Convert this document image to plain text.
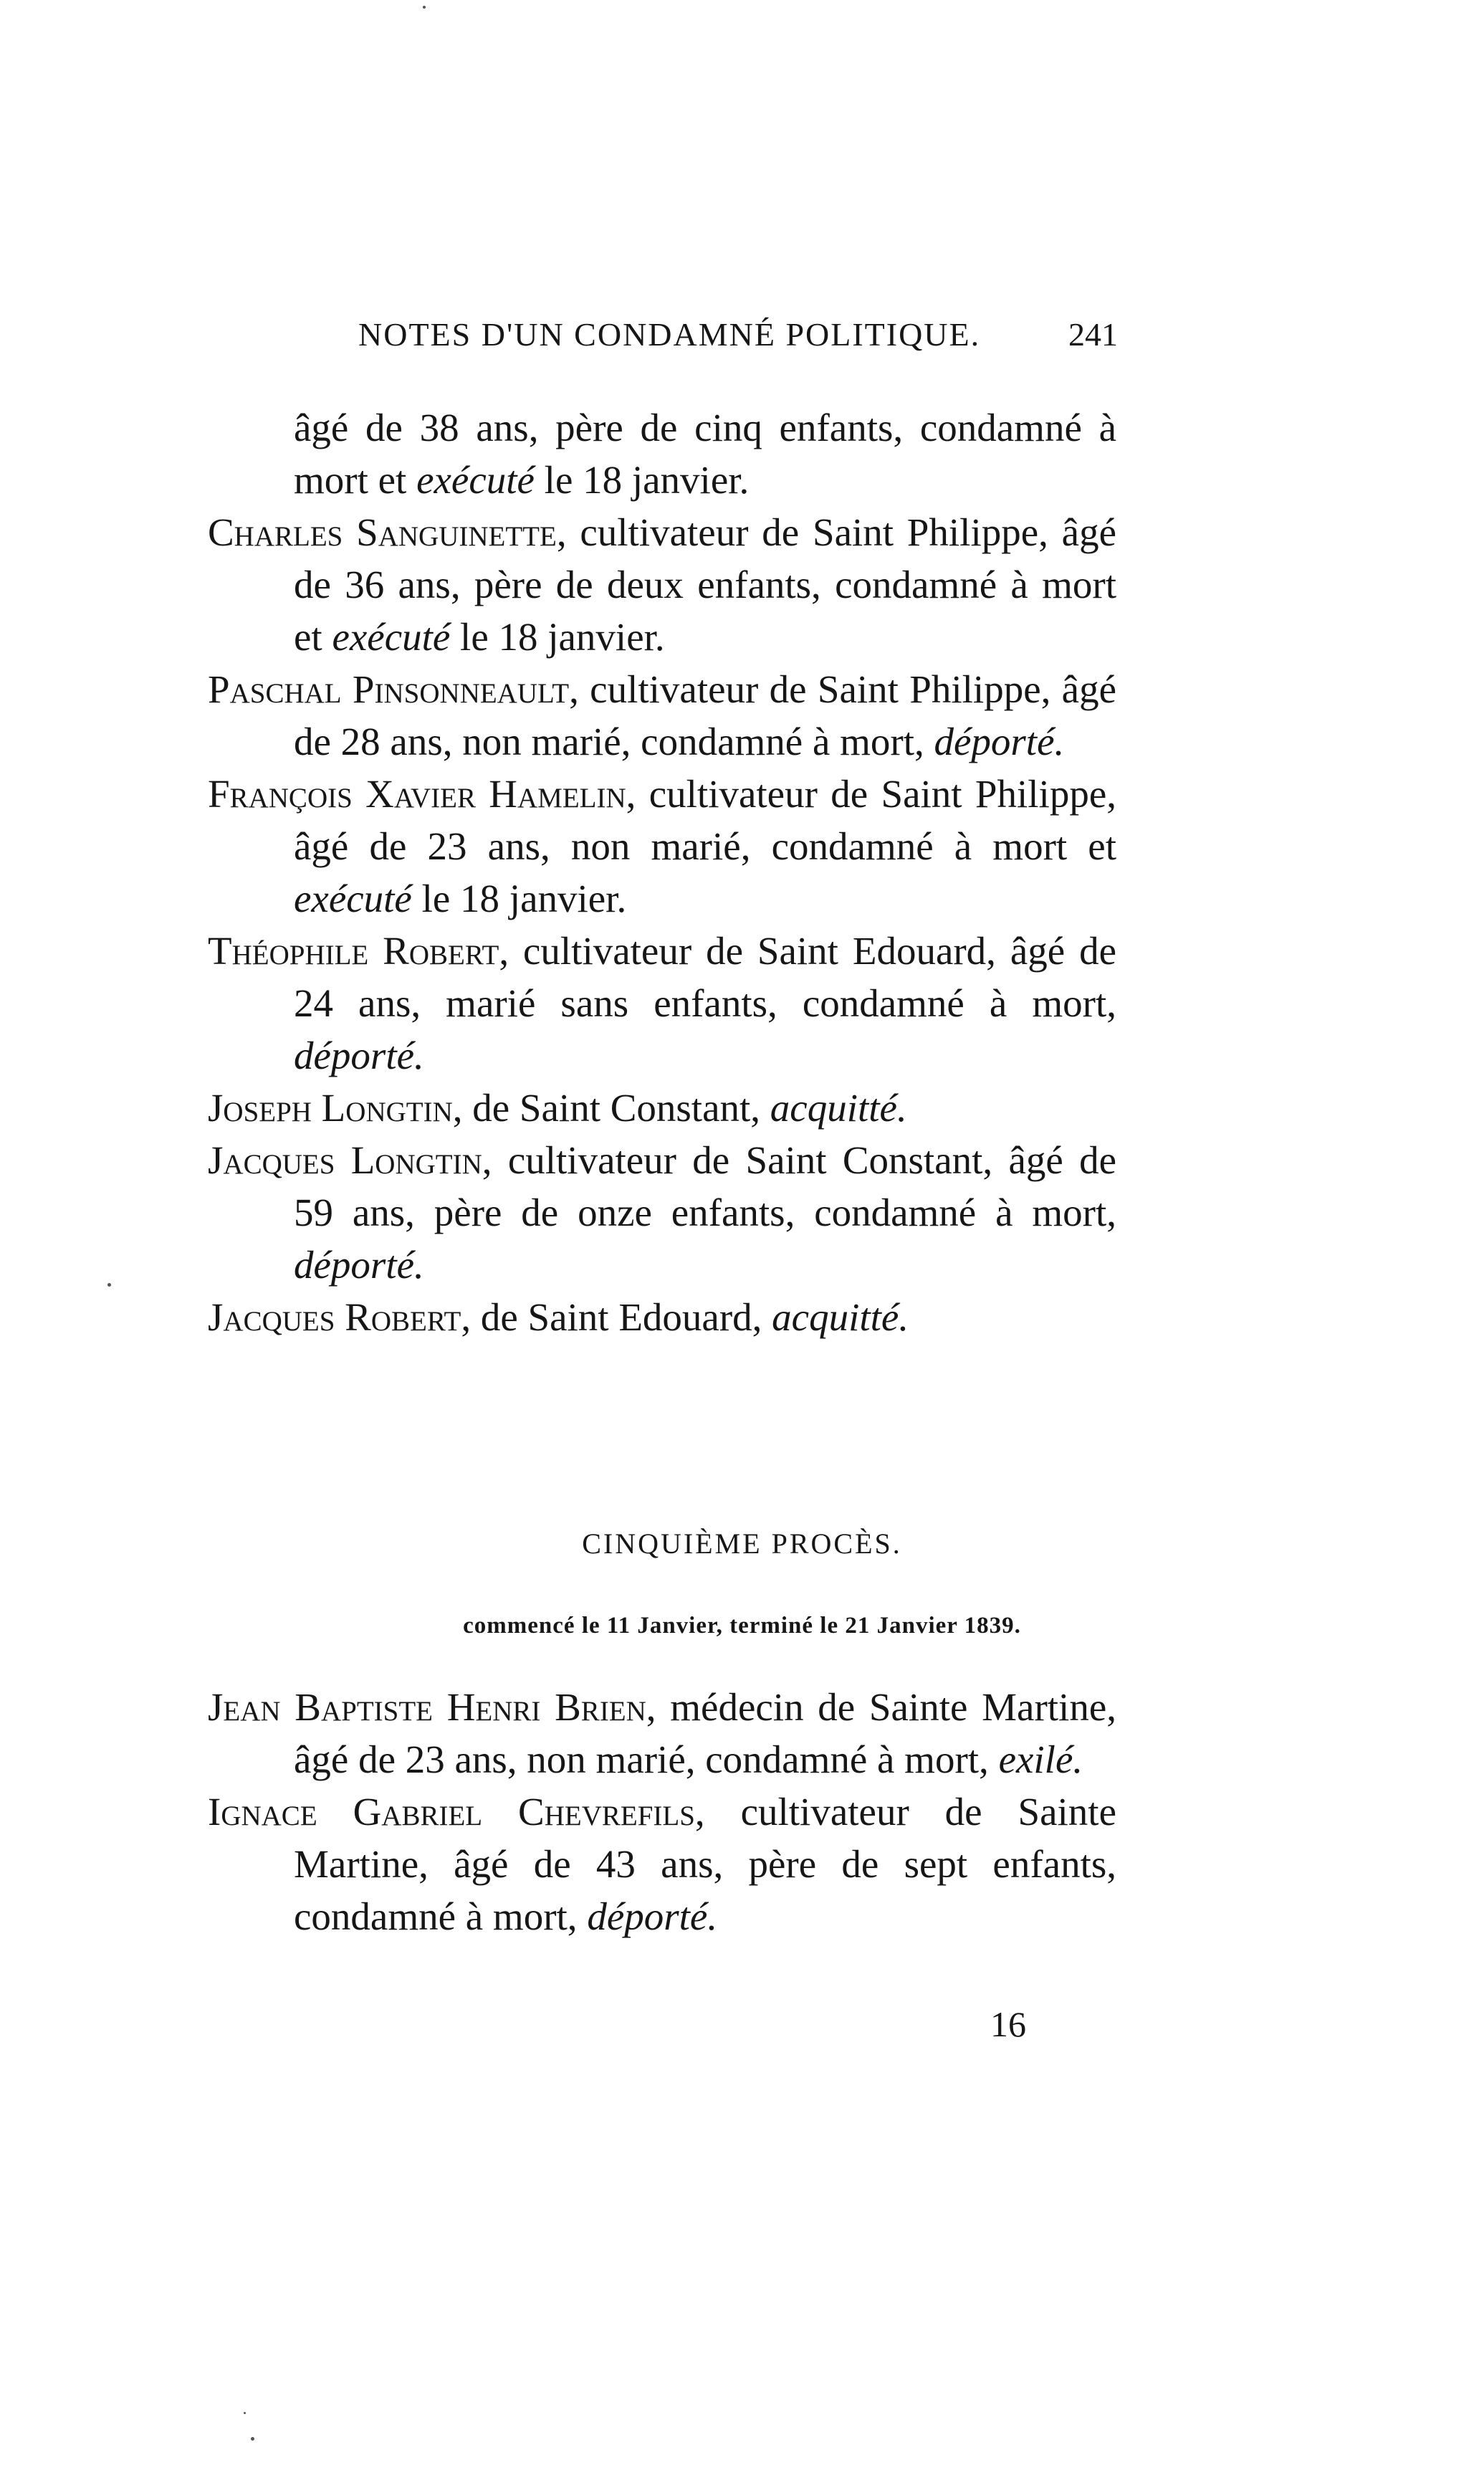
NOTES D'UN CONDAMNÉ POLITIQUE.	241

âgé de 38 ans, père de cinq enfants, condamné à mort et exécuté le 18 janvier.

Charles Sanguinette, cultivateur de Saint Philippe, âgé de 36 ans, père de deux enfants, condamné à mort et exécuté le 18 janvier.

Paschal Pinsonneault, cultivateur de Saint Philippe, âgé de 28 ans, non marié, condamné à mort, déporté.

François Xavier Hamelin, cultivateur de Saint Philippe, âgé de 23 ans, non marié, condamné à mort et exécuté le 18 janvier.

Théophile Robert, cultivateur de Saint Edouard, âgé de 24 ans, marié sans enfants, condamné à mort, déporté.

Joseph Longtin, de Saint Constant, acquitté.

Jacques Longtin, cultivateur de Saint Constant, âgé de 59 ans, père de onze enfants, condamné à mort, déporté.

Jacques Robert, de Saint Edouard, acquitté.

CINQUIÈME PROCÈS.
commencé le 11 Janvier, terminé le 21 Janvier 1839.

Jean Baptiste Henri Brien, médecin de Sainte Martine, âgé de 23 ans, non marié, condamné à mort, exilé.

Ignace Gabriel Chevrefils, cultivateur de Sainte Martine, âgé de 43 ans, père de sept enfants, condamné à mort, déporté.

16
